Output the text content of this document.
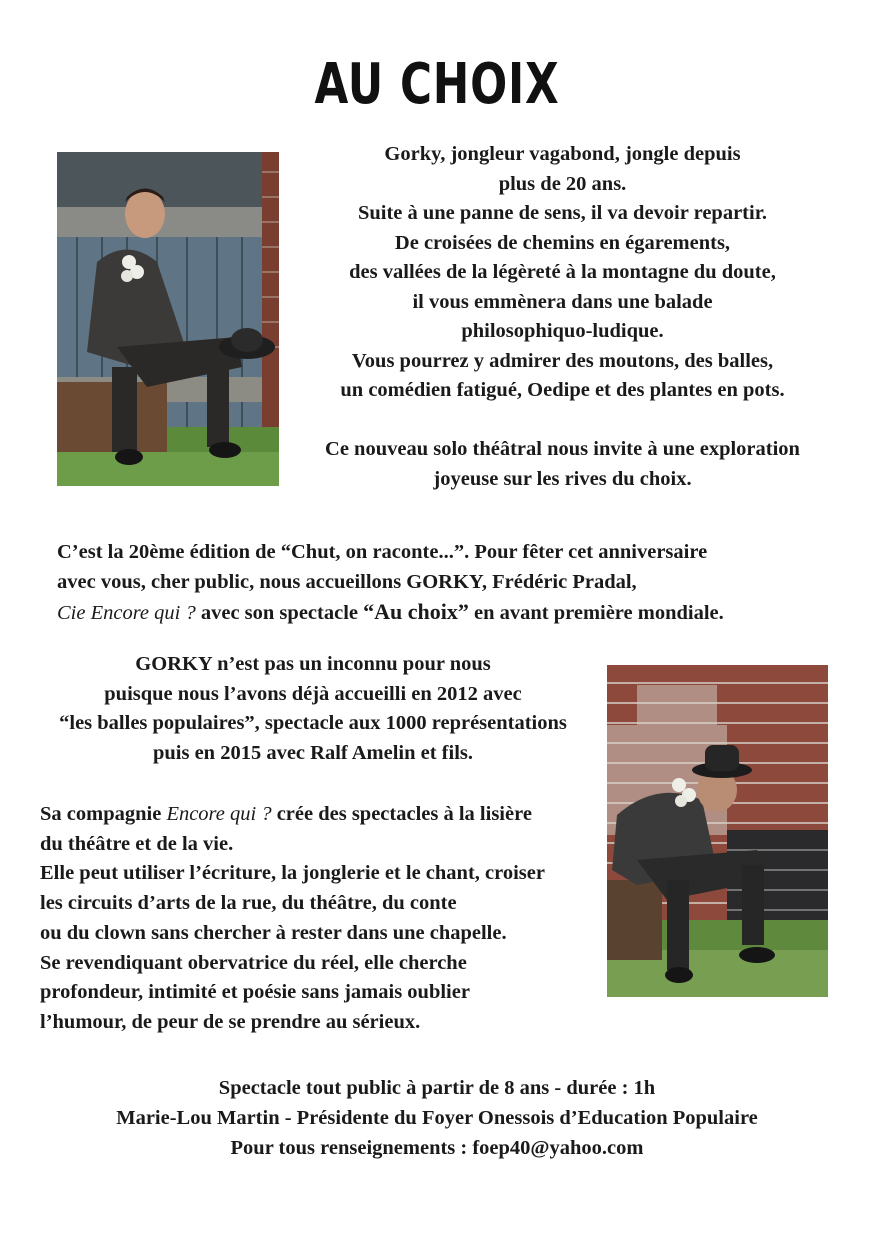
AU CHOIX
Gorky, jongleur vagabond, jongle depuis
plus de 20 ans.
Suite à une panne de sens, il va devoir repartir.
De croisées de chemins en égarements,
des vallées de la légèreté à la montagne du doute,
il vous emmènera dans une balade
philosophiquo-ludique.
Vous pourrez y admirer des moutons, des balles,
un comédien fatigué, Oedipe et des plantes en pots.
Ce nouveau solo théâtral nous invite à une exploration
joyeuse sur les rives du choix.
C’est la 20ème édition de “Chut, on raconte...”. Pour fêter cet anniversaire
avec vous, cher public, nous accueillons GORKY, Frédéric Pradal,
Cie Encore qui ? avec son spectacle “Au choix” en avant première mondiale.
GORKY n’est pas un inconnu pour nous
puisque nous l’avons déjà accueilli en 2012 avec
“les balles populaires”, spectacle aux 1000 représentations
puis en 2015 avec Ralf Amelin et fils.
Sa compagnie Encore qui ? crée des spectacles à la lisière
du théâtre et de la vie.
Elle peut utiliser l’écriture, la jonglerie et le chant, croiser
les circuits d’arts de la rue, du théâtre, du conte
ou du clown sans chercher à rester dans une chapelle.
Se revendiquant obervatrice du réel, elle cherche
profondeur, intimité et poésie sans jamais oublier
l’humour, de peur de se prendre au sérieux.
Spectacle tout public à partir de 8 ans - durée : 1h
Marie-Lou Martin - Présidente du Foyer Onessois d’Education Populaire
Pour tous renseignements : foep40@yahoo.com
